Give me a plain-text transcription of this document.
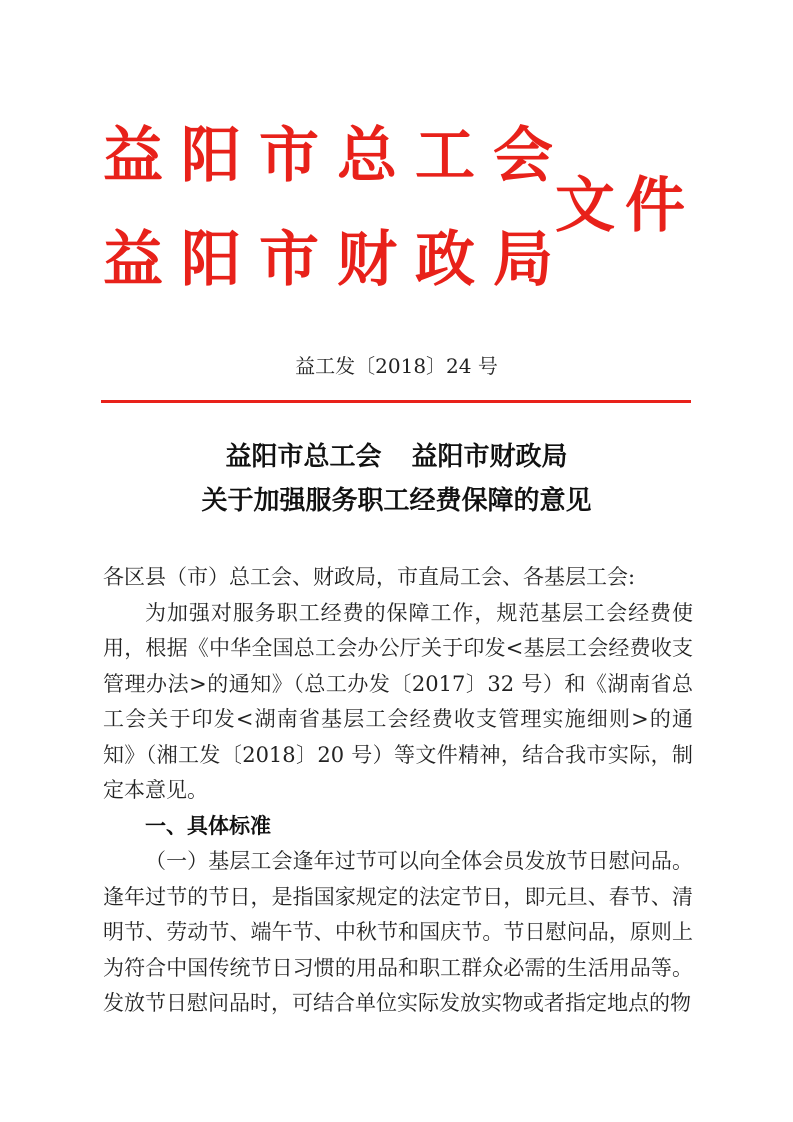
益阳市总工会
益阳市财政局
文件
益工发〔2018〕24 号
益阳市总工会 益阳市财政局
关于加强服务职工经费保障的意见

各区县（市）总工会、财政局，市直局工会、各基层工会:

为加强对服务职工经费的保障工作，规范基层工会经费使用，根据《中华全国总工会办公厅关于印发<基层工会经费收支管理办法>的通知》（总工办发〔2017〕32 号）和《湖南省总工会关于印发<湖南省基层工会经费收支管理实施细则>的通知》（湘工发〔2018〕20 号）等文件精神，结合我市实际，制定本意见。

一、具体标准

（一）基层工会逢年过节可以向全体会员发放节日慰问品。逢年过节的节日，是指国家规定的法定节日，即元旦、春节、清明节、劳动节、端午节、中秋节和国庆节。节日慰问品，原则上为符合中国传统节日习惯的用品和职工群众必需的生活用品等。发放节日慰问品时，可结合单位实际发放实物或者指定地点的物
